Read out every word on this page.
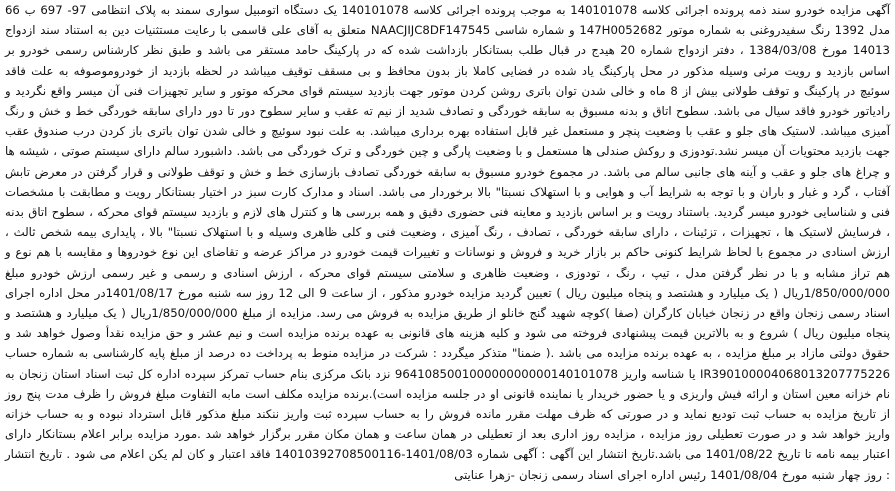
آگهی مزایده خودرو سند ذمه پرونده اجرائی کلاسه 140101078 به موجب پرونده اجرائی کلاسه 140101078 یک دستگاه اتومبیل سواری سمند به پلاک انتظامی 97- 697 ب 66 مدل 1392 رنگ سفیدروغنی به شماره موتور 147H0052682 و شماره شاسی NAACJIJC8DF147545 متعلق به آقای علی قاسمی با رعایت مستثنیات دین به استناد سند ازدواج 14013 مورخ 1384/03/08 ، دفتر ازدواج شماره 20 هیدج در قبال طلب بستانکار بازداشت شده که در پارکینگ حامد مستقر می باشد و طبق نظر کارشناس رسمی خودرو بر اساس بازدید و رویت مرئی وسیله مذکور در محل پارکینگ یاد شده در فضایی کاملا باز بدون محافظ و بی مسقف توقیف میباشد در لحظه بازدید از خودروموصوفه به علت فاقد سوئیچ در پارکینگ و توقف طولانی بیش از 8 ماه و خالی شدن توان باتری روشن کردن موتور جهت بازدید سیستم قوای محرکه موتور و سایر تجهیزات فنی آن میسر واقع نگردید و رادیاتور خودرو فاقد سیال می باشد. سطوح اتاق و بدنه مسبوق به سابقه خوردگی و تصادف شدید از نیم ته عقب و سایر سطوح دور تا دور دارای سابقه خوردگی خط و خش و رنگ آمیزی میباشد. لاستیک های جلو و عقب با وضعیت پنچر و مستعمل غیر قابل استفاده بهره برداری میباشد. به علت نبود سوئیچ و خالی شدن توان باتری باز کردن درب صندوق عقب جهت بازدید محتویات آن میسر نشد.تودوزی و روکش صندلی ها مستعمل و با وضعیت پارگی و چین خوردگی و ترک خوردگی می باشد. داشبورد سالم دارای سیستم صوتی ، شیشه ها و چراغ های جلو و عقب و آینه های جانبی سالم می باشد. در مجموع خودرو مسبوق به سابقه خوردگی تصادف بازسازی خط و خش و توقف طولانی و قرار گرفتن در معرض تابش آفتاب ، گرد و غبار و باران و با توجه به شرایط آب و هوایی و با استهلاک نسبتا" بالا برخوردار می باشد. اسناد و مدارک کارت سبز در اختیار بستانکار رویت و مطابقت با مشخصات فنی و شناسایی خودرو میسر گردید. باستناد رویت و بر اساس بازدید و معاینه فنی حضوری دقیق و همه بررسی ها و کنترل های لازم و بازدید سیستم قوای محرکه ، سطوح اتاق بدنه ، فرسایش لاستیک ها ، تجهیزات ، تزئینات ، دارای سابقه خوردگی ، تصادف ، رنگ آمیزی ، وضعیت فنی و کلی ظاهری وسیله و با استهلاک نسبتا" بالا ، پایداری بیمه شخص ثالث ، ارزش اسنادی در مجموع با لحاظ شرایط کنونی حاکم بر بازار خرید و فروش و نوسانات و تغییرات قیمت خودرو در مراکز عرضه و تقاضای این نوع خودروها و مقایسه با هم نوع و هم تراز مشابه و با در نظر گرفتن مدل ، تیپ ، رنگ ، تودوزی ، وضعیت ظاهری و سلامتی سیستم قوای محرکه ، ارزش اسنادی و رسمی و غیر رسمی ارزش خودرو مبلغ 1/850/000/000ریال ( یک میلیارد و هشتصد و پنجاه میلیون ریال ) تعیین گردید مزایده خودرو مذکور ، از ساعت 9 الی 12 روز سه شنبه مورخ 1401/08/17در محل اداره اجرای اسناد رسمی زنجان واقع در زنجان خیابان کارگران (صفا )کوچه شهید گنج خانلو از طریق مزایده به فروش می رسد. مزایده از مبلغ 1/850/000/000ریال ( یک میلیارد و هشتصد و پنجاه میلیون ریال ) شروع و به بالاترین قیمت پیشنهادی فروخته می شود و کلیه هزینه های قانونی به عهده برنده مزایده است و نیم عشر و حق مزایده نقدأ وصول خواهد شد و حقوق دولتی مازاد بر مبلغ مزایده ، به عهده برنده مزایده می باشد .( ضمنا" متذکر میگردد : شرکت در مزایده منوط به پرداخت ده درصد از مبلغ پایه کارشناسی به شماره حساب IR390100004068013207775226 یا شناسه واریز 964108500100000000000140101078 نزد بانک مرکزی بنام حساب تمرکز سپرده اداره کل ثبت اسناد استان زنجان به نام خزانه معین استان و ارائه فیش واریزی و یا حضور خریدار یا نماینده قانونی او در جلسه مزایده است).برنده مزایده مکلف است مابه التفاوت مبلغ فروش را ظرف مدت پنج روز از تاریخ مزایده به حساب ثبت تودیع نماید و در صورتی که ظرف مهلت مقرر مانده فروش را به حساب سپرده ثبت واریز ننکند مبلغ مذکور قابل استرداد نبوده و به حساب خزانه واریز خواهد شد و در صورت تعطیلی روز مزایده ، مزایده روز اداری بعد از تعطیلی در همان ساعت و همان مکان مقرر برگزار خواهد شد .مورد مزایده برابر اعلام بستانکار دارای اعتبار بیمه نامه تا تاریخ 1401/08/22 می باشد.تاریخ انتشار این آگهی : آگهی شماره 1401/08/03-14010392708500116 فاقد اعتبار و کان لم یکن اعلام می شود . تاریخ انتشار : روز چهار شنبه مورخ 1401/08/04 رئیس اداره اجرای اسناد رسمی زنجان -زهرا عنایتی
